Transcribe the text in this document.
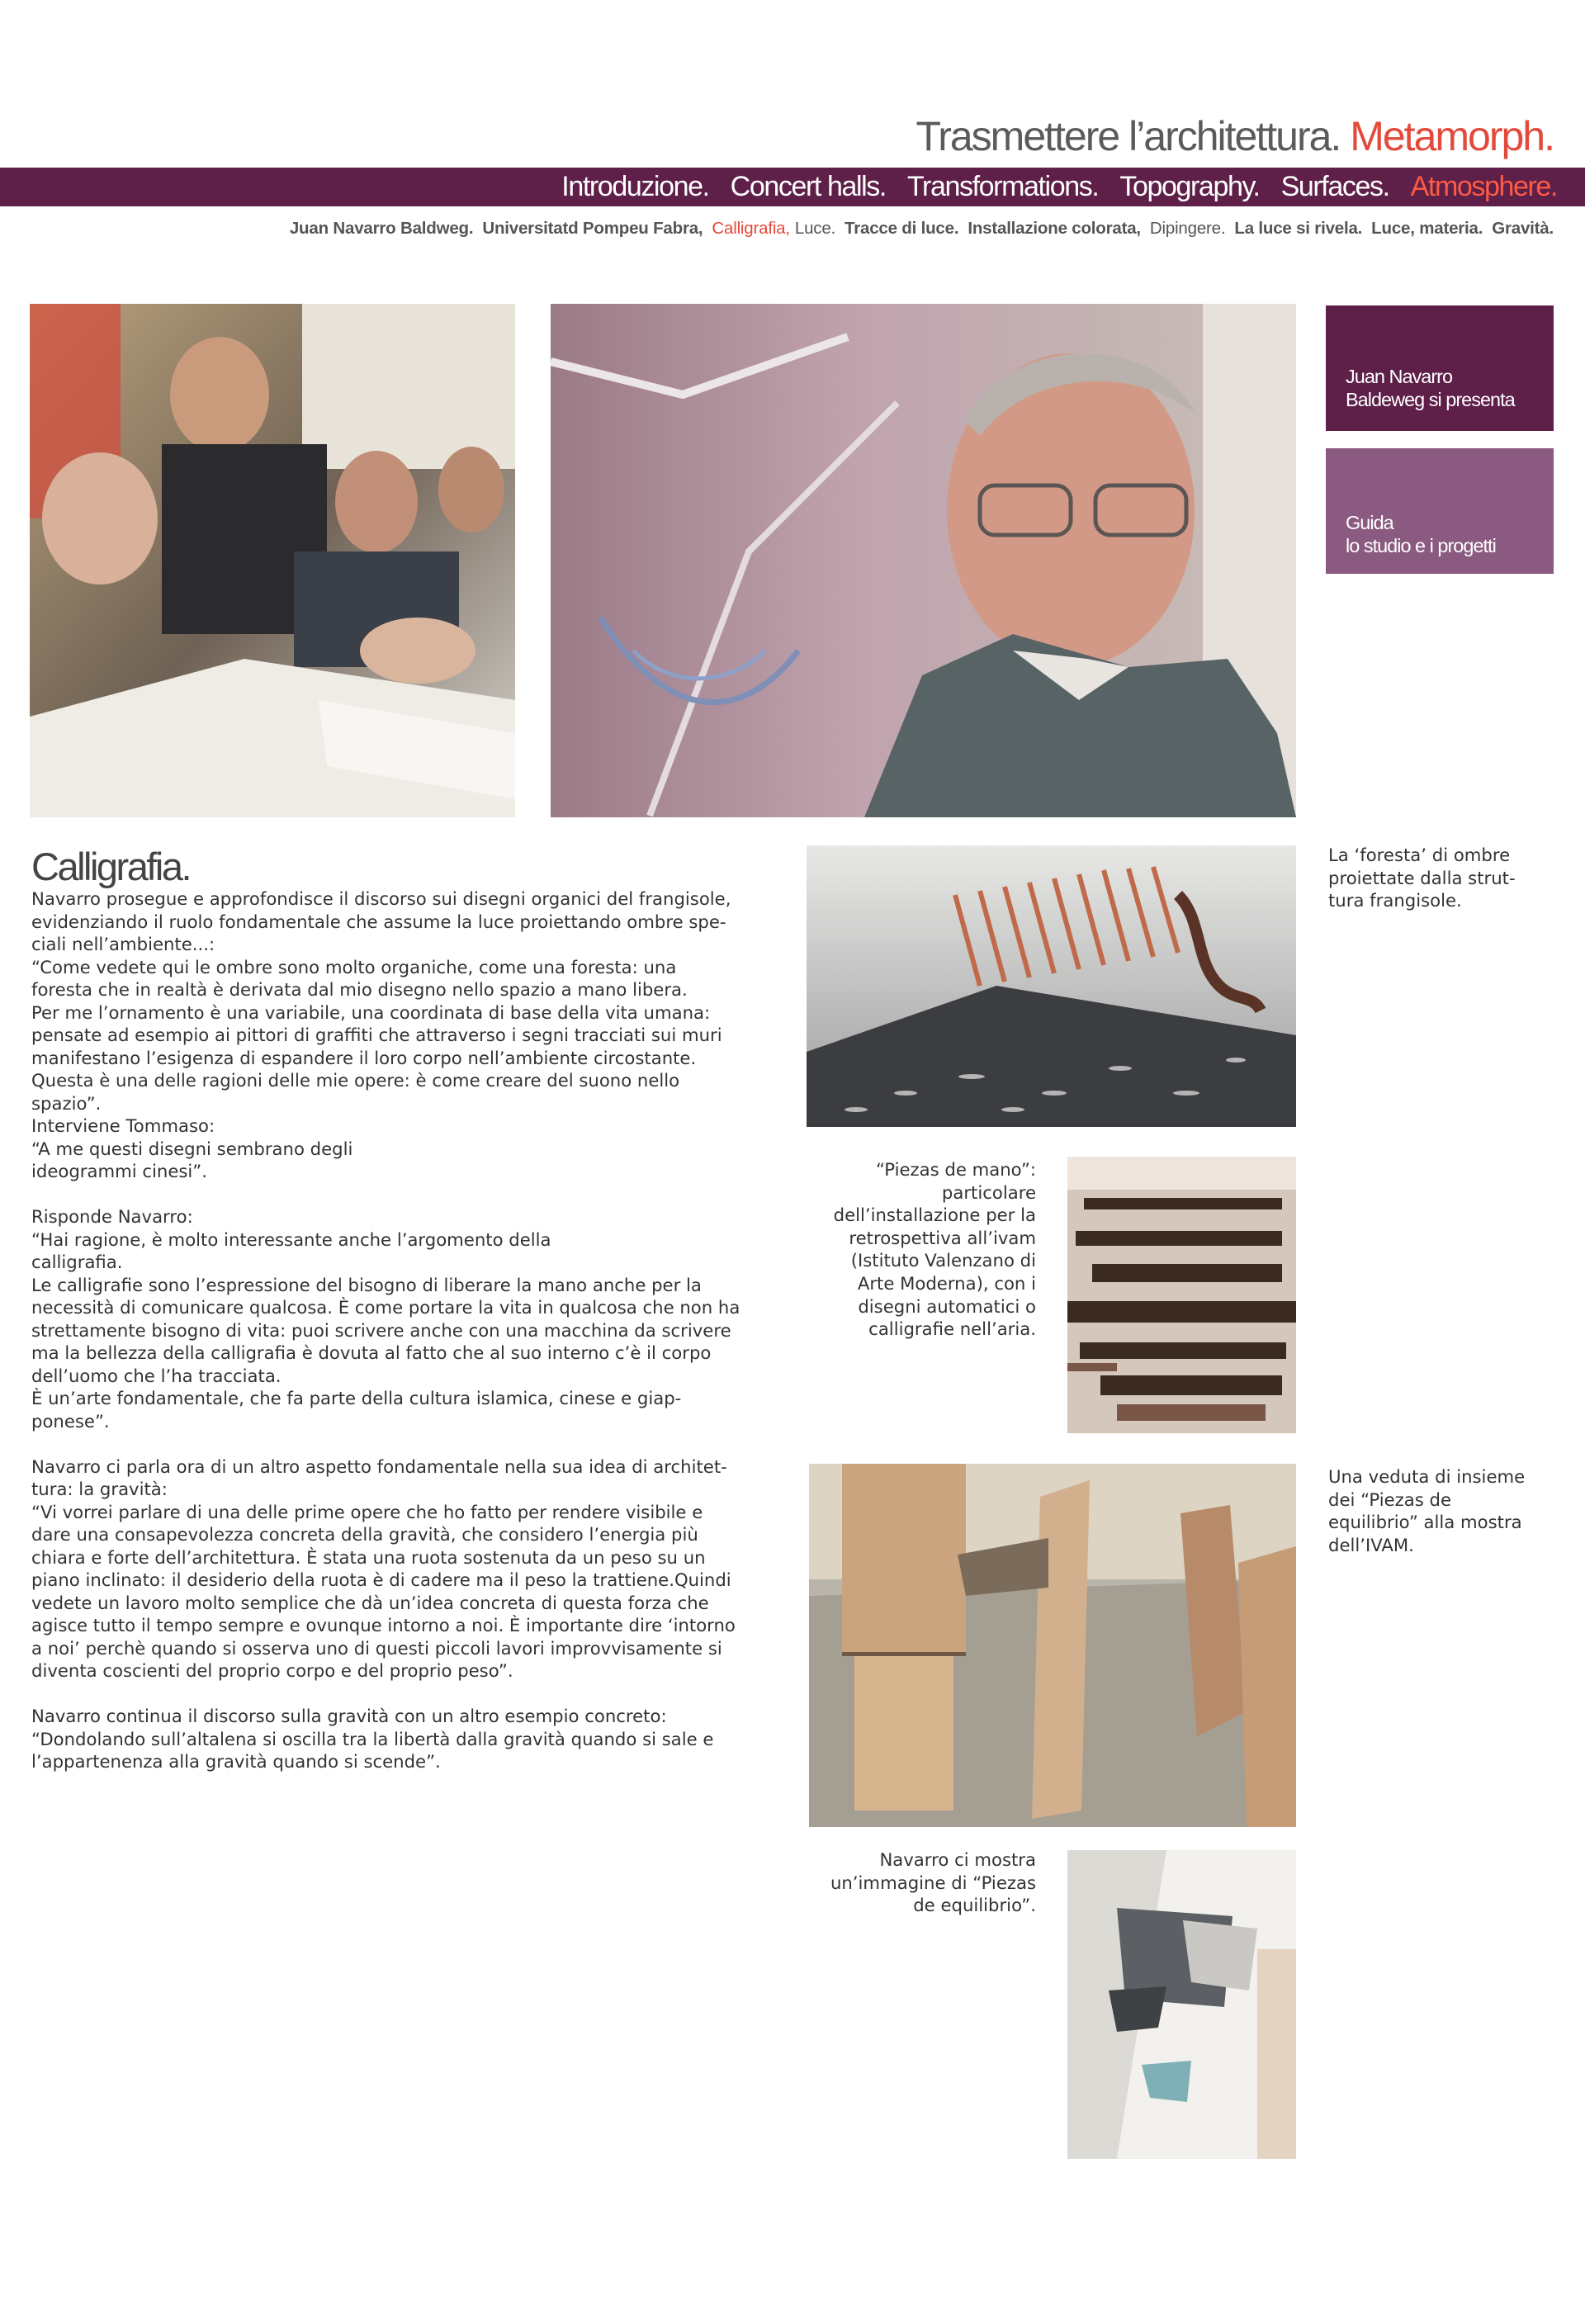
Trasmettere l’architettura. Metamorph.
Introduzione. Concert halls. Transformations. Topography. Surfaces. Atmosphere.
Juan Navarro Baldweg. Universitatd Pompeu Fabra, Calligrafia, Luce. Tracce di luce. Installazione colorata, Dipingere. La luce si rivela. Luce, materia. Gravità.
Juan Navarro
Baldeweg si presenta
Guida
lo studio e i progetti
Calligrafia.

Navarro prosegue e approfondisce il discorso sui disegni organici del frangisole,
evidenziando il ruolo fondamentale che assume la luce proiettando ombre spe-
ciali nell’ambiente...:
“Come vedete qui le ombre sono molto organiche, come una foresta: una
foresta che in realtà è derivata dal mio disegno nello spazio a mano libera.
Per me l’ornamento è una variabile, una coordinata di base della vita umana:
pensate ad esempio ai pittori di graffiti che attraverso i segni tracciati sui muri
manifestano l’esigenza di espandere il loro corpo nell’ambiente circostante.
Questa è una delle ragioni delle mie opere: è come creare del suono nello
spazio”.
Interviene Tommaso:
“A me questi disegni sembrano degli
ideogrammi cinesi”.

Risponde Navarro:
“Hai ragione, è molto interessante anche l’argomento della
calligrafia.
Le calligrafie sono l’espressione del bisogno di liberare la mano anche per la
necessità di comunicare qualcosa. È come portare la vita in qualcosa che non ha
strettamente bisogno di vita: puoi scrivere anche con una macchina da scrivere
ma la bellezza della calligrafia è dovuta al fatto che al suo interno c’è il corpo
dell’uomo che l’ha tracciata.
È un’arte fondamentale, che fa parte della cultura islamica, cinese e giap-
ponese”.

Navarro ci parla ora di un altro aspetto fondamentale nella sua idea di architet-
tura: la gravità:
“Vi vorrei parlare di una delle prime opere che ho fatto per rendere visibile e
dare una consapevolezza concreta della gravità, che considero l’energia più
chiara e forte dell’architettura. È stata una ruota sostenuta da un peso su un
piano inclinato: il desiderio della ruota è di cadere ma il peso la trattiene.Quindi
vedete un lavoro molto semplice che dà un’idea concreta di questa forza che
agisce tutto il tempo sempre e ovunque intorno a noi. È importante dire ‘intorno
a noi’ perchè quando si osserva uno di questi piccoli lavori improvvisamente si
diventa coscienti del proprio corpo e del proprio peso”.

Navarro continua il discorso sulla gravità con un altro esempio concreto:
“Dondolando sull’altalena si oscilla tra la libertà dalla gravità quando si sale e
l’appartenenza alla gravità quando si scende”.

La ‘foresta’ di ombre
proiettate dalla strut-
tura frangisole.

“Piezas de mano”:
particolare
dell’installazione per la
retrospettiva all’ivam
(Istituto Valenzano di
Arte Moderna), con i
disegni automatici o
calligrafie nell’aria.

Una veduta di insieme
dei “Piezas de
equilibrio” alla mostra
dell’IVAM.

Navarro ci mostra
un’immagine di “Piezas
de equilibrio”.
